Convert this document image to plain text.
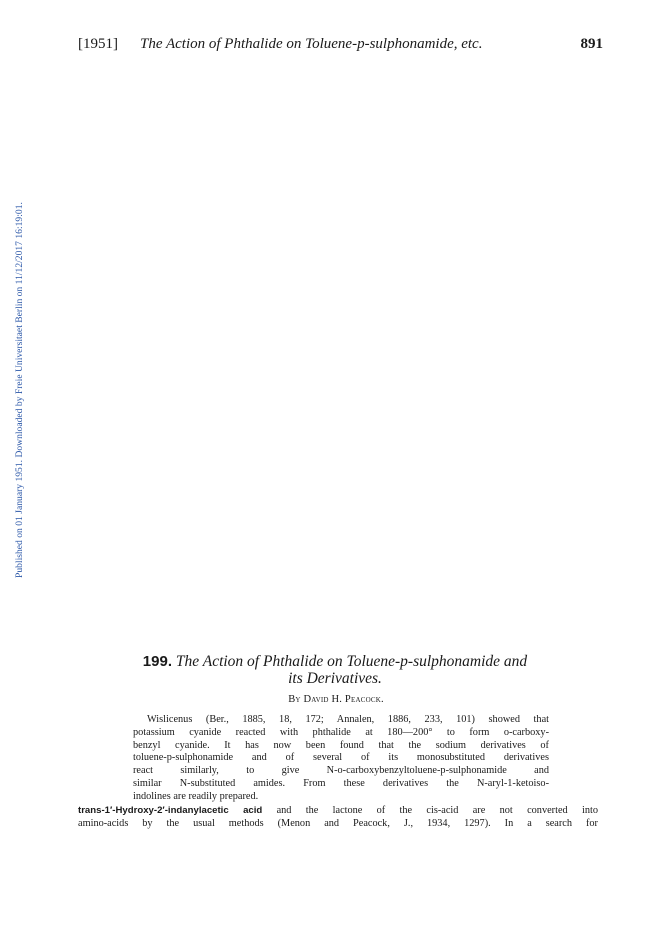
[1951] The Action of Phthalide on Toluene-p-sulphonamide, etc.	891
Published on 01 January 1951. Downloaded by Freie Universitaet Berlin on 11/12/2017 16:19:01.
199. The Action of Phthalide on Toluene-p-sulphonamide and
its Derivatives.
By David H. Peacock.
Wislicenus (Ber., 1885, 18, 172; Annalen, 1886, 233, 101) showed that
potassium cyanide reacted with phthalide at 180—200° to form o-carboxy-
benzyl cyanide. It has now been found that the sodium derivatives of
toluene-p-sulphonamide and of several of its monosubstituted derivatives
react similarly, to give N-o-carboxybenzyltoluene-p-sulphonamide and
similar N-substituted amides. From these derivatives the N-aryl-1-ketoiso-
indolines are readily prepared.
trans-1′-Hydroxy-2′-indanylacetic acid and the lactone of the cis-acid are not converted into
amino-acids by the usual methods (Menon and Peacock, J., 1934, 1297). In a search for
